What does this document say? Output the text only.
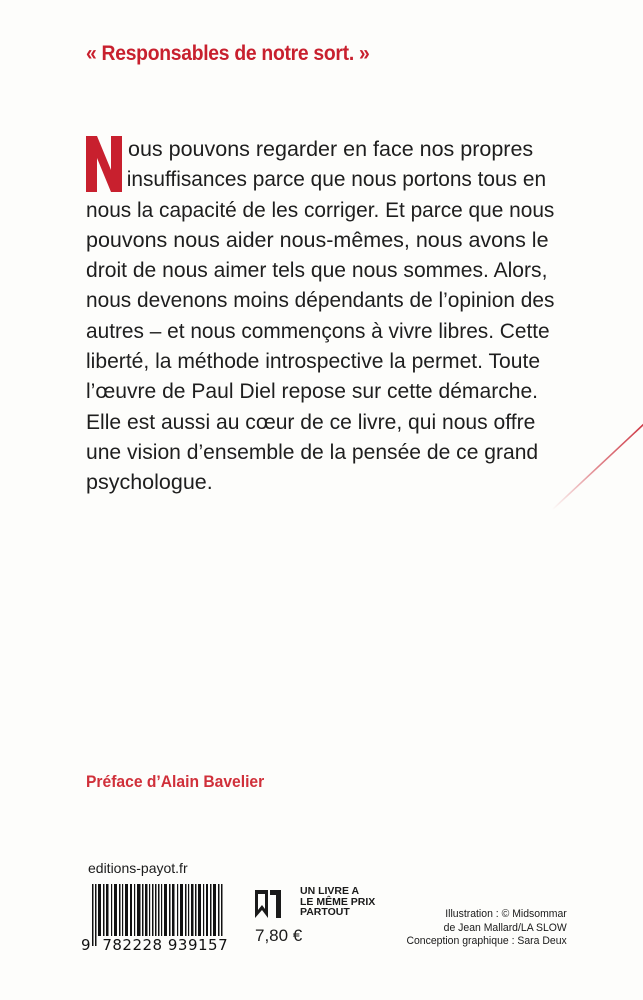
« Responsables de notre sort. »
ous pouvons regarder en face nos propres
insuffisances parce que nous portons tous en
nous la capacité de les corriger. Et parce que nous
pouvons nous aider nous-mêmes, nous avons le
droit de nous aimer tels que nous sommes. Alors,
nous devenons moins dépendants de l’opinion des
autres – et nous commençons à vivre libres. Cette
liberté, la méthode introspective la permet. Toute
l’œuvre de Paul Diel repose sur cette démarche.
Elle est aussi au cœur de ce livre, qui nous offre
une vision d’ensemble de la pensée de ce grand
psychologue.
Préface d’Alain Bavelier
editions-payot.fr
9 782228 939157
UN LIVRE A
LE MÊME PRIX
PARTOUT
7,80 €
Illustration : © Midsommar
de Jean Mallard/LA SLOW
Conception graphique : Sara Deux
